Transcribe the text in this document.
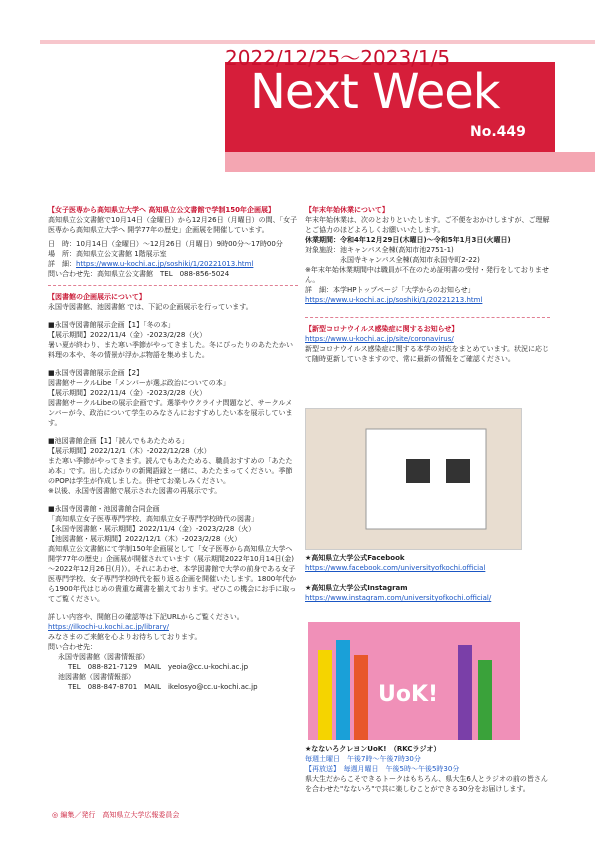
2022/12/25～2023/1/5
Next Week
No.449
【女子医専から高知県立大学へ 高知県立公文書館で学制150年企画展】
高知県立公文書館で10月14日（金曜日）から12月26日（月曜日）の間、「女子医専から高知県立大学へ 開学77年の歴史」企画展を開催しています。
日　時：10月14日（金曜日）～12月26日（月曜日）9時00分～17時00分
場　所：高知県立公文書館 1階展示室
詳　細：https://www.u-kochi.ac.jp/soshiki/1/20221013.html
問い合わせ先：高知県立公文書館　TEL　088-856-5024
【図書館の企画展示について】
永国寺図書館、池図書館 では、下記の企画展示を行っています。
■永国寺図書館展示企画【1】「冬の本」
【展示期間】2022/11/4（金）-2023/2/28（火）
暑い夏が終わり、また寒い季節がやってきました。冬にぴったりのあたたかい料理の本や、冬の情景が浮かぶ物語を集めました。
■永国寺図書館展示企画【2】
図書館サークルLibe「メンバーが選ぶ政治についての本」
【展示期間】2022/11/4（金）-2023/2/28（火）
図書館サークルLibeの展示企画です。選挙やウクライナ問題など、サークルメンバーが今、政治について学生のみなさんにおすすめしたい本を展示しています。
■池図書館企画【1】「読んでもあたためる」
【展示期間】2022/12/1（木）-2022/12/28（水）
また寒い季節がやってきます。読んでもあたためる、職員おすすめの「あたため本」です。出したばかりの新聞語録と一緒に、あたたまってください。季節のPOPは学生が作成しました。併せてお楽しみください。
※以後、永国寺図書館で展示された図書の再展示です。
■永国寺図書館・池図書館合同企画
「高知県立女子医専専門学校、高知県立女子専門学校時代の図書」
【永国寺図書館・展示期間】2022/11/4（金）-2023/2/28（火）
【池図書館・展示期間】2022/12/1（木）-2023/2/28（火）
高知県立公文書館にて学制150年企画展として「女子医専から高知県立大学へ 開学77年の歴史」企画展が開催されています（展示期間2022年10月14日(金)～2022年12月26日(月)）。それにあわせ、本学図書館で大学の前身である女子医専門学校、女子専門学校時代を振り返る企画を開催いたします。1800年代から1900年代はじめの貴重な蔵書を揃えております。ぜひこの機会にお手に取ってご覧ください。
詳しい内容や、開館日の確認等は下記URLからご覧ください。
https://ilkochi-u.kochi.ac.jp/library/
みなさまのご来館を心よりお待ちしております。
問い合わせ先：
永国寺図書館（図書情報部）
TEL　088-821-7129　MAIL　yeoia@cc.u-kochi.ac.jp
池図書館（図書情報部）
TEL　088-847-8701　MAIL　ikelosyo@cc.u-kochi.ac.jp
【年末年始休業について】
年末年始休業は、次のとおりといたします。ご不便をおかけしますが、ご理解とご協力のほどよろしくお願いいたします。
休業期間：令和4年12月29日(木曜日)～令和5年1月3日(火曜日)
対象施設：池キャンパス全棟(高知市池2751-1)
　　　　　永国寺キャンパス全棟(高知市永国寺町2-22)
※年末年始休業期間中は職員が不在のため証明書の受付・発行をしておりません。
詳　細：本学HPトップページ「大学からのお知らせ」
https://www.u-kochi.ac.jp/soshiki/1/20221213.html
【新型コロナウイルス感染症に関するお知らせ】
https://www.u-kochi.ac.jp/site/coronavirus/
新型コロナウイルス感染症に関する本学の対応をまとめています。状況に応じて随時更新していきますので、常に最新の情報をご確認ください。
★高知県立大学公式Facebook
https://www.facebook.com/universityofkochi.official
★高知県立大学公式Instagram
https://www.instagram.com/universityofkochi.official/
UoK!
★なないろクレヨンUoK!　（RKCラジオ）
毎週土曜日　午後7時～午後7時30分
【再放送】　毎週月曜日　午後5時～午後5時30分
県大生だからこそできるトークはもちろん、県大生6人とラジオの前の皆さんを合わせた"なないろ"で共に楽しむことができる30分をお届けします。
◎ 編集／発行　高知県立大学広報委員会
